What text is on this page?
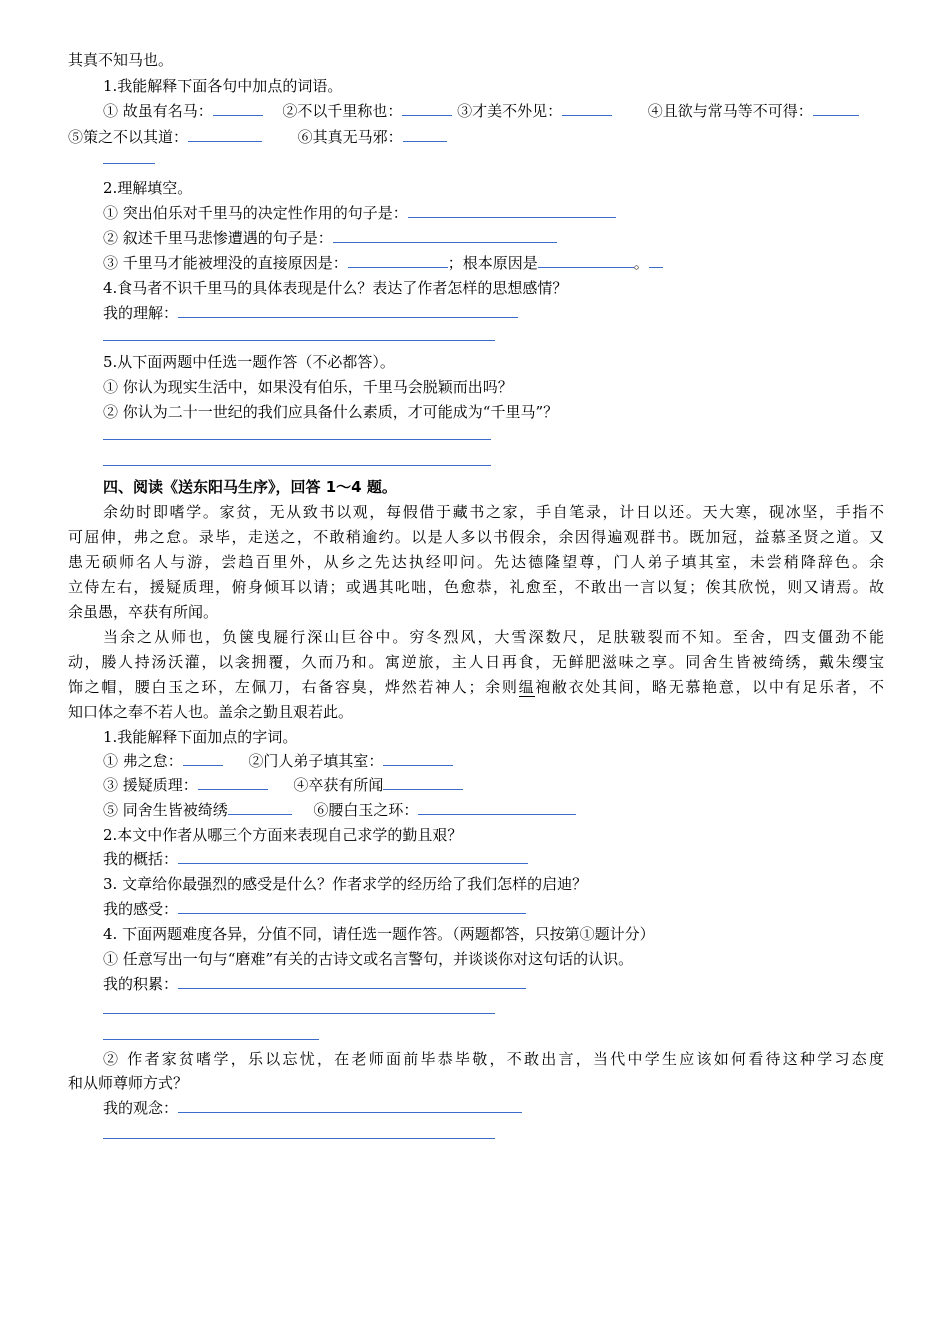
其真不知马也。
1.我能解释下面各句中加点的词语。
① 故虽有名马：	②不以千里称也：	③才美不外见：	④且欲与常马等不可得：
⑤策之不以其道：	⑥其真无马邪：
2.理解填空。
① 突出伯乐对千里马的决定性作用的句子是：
② 叙述千里马悲惨遭遇的句子是：
③ 千里马才能被埋没的直接原因是：	；根本原因是	。
4.食马者不识千里马的具体表现是什么？表达了作者怎样的思想感情？
我的理解：
5.从下面两题中任选一题作答（不必都答）。
① 你认为现实生活中，如果没有伯乐，千里马会脱颖而出吗？
② 你认为二十一世纪的我们应具备什么素质，才可能成为“千里马”？
四、阅读《送东阳马生序》，回答 1～4 题。
余幼时即嗜学。家贫，无从致书以观，每假借于藏书之家，手自笔录，计日以还。天大寒，砚冰坚，手指不
可屈伸，弗之怠。录毕，走送之，不敢稍逾约。以是人多以书假余，余因得遍观群书。既加冠，益慕圣贤之道。又
患无硕师名人与游，尝趋百里外，从乡之先达执经叩问。先达德隆望尊，门人弟子填其室，未尝稍降辞色。余
立侍左右，援疑质理，俯身倾耳以请；或遇其叱咄，色愈恭，礼愈至，不敢出一言以复；俟其欣悦，则又请焉。故
余虽愚，卒获有所闻。
当余之从师也，负箧曳屣行深山巨谷中。穷冬烈风，大雪深数尺，足肤皲裂而不知。至舍，四支僵劲不能
动，媵人持汤沃灌，以衾拥覆，久而乃和。寓逆旅，主人日再食，无鲜肥滋味之享。同舍生皆被绮绣，戴朱缨宝
饰之帽，腰白玉之环，左佩刀，右备容臭，烨然若神人；余则缊袍敝衣处其间，略无慕艳意，以中有足乐者，不
知口体之奉不若人也。盖余之勤且艰若此。
1.我能解释下面加点的字词。
① 弗之怠：	②门人弟子填其室：
③ 援疑质理：	④卒获有所闻
⑤ 同舍生皆被绮绣	⑥腰白玉之环：
2.本文中作者从哪三个方面来表现自己求学的勤且艰？
我的概括：
3. 文章给你最强烈的感受是什么？作者求学的经历给了我们怎样的启迪？
我的感受：
4. 下面两题难度各异，分值不同，请任选一题作答。（两题都答，只按第①题计分）
① 任意写出一句与“磨难”有关的古诗文或名言警句，并谈谈你对这句话的认识。
我的积累：
② 作者家贫嗜学，乐以忘忧，在老师面前毕恭毕敬，不敢出言，当代中学生应该如何看待这种学习态度
和从师尊师方式？
我的观念：
